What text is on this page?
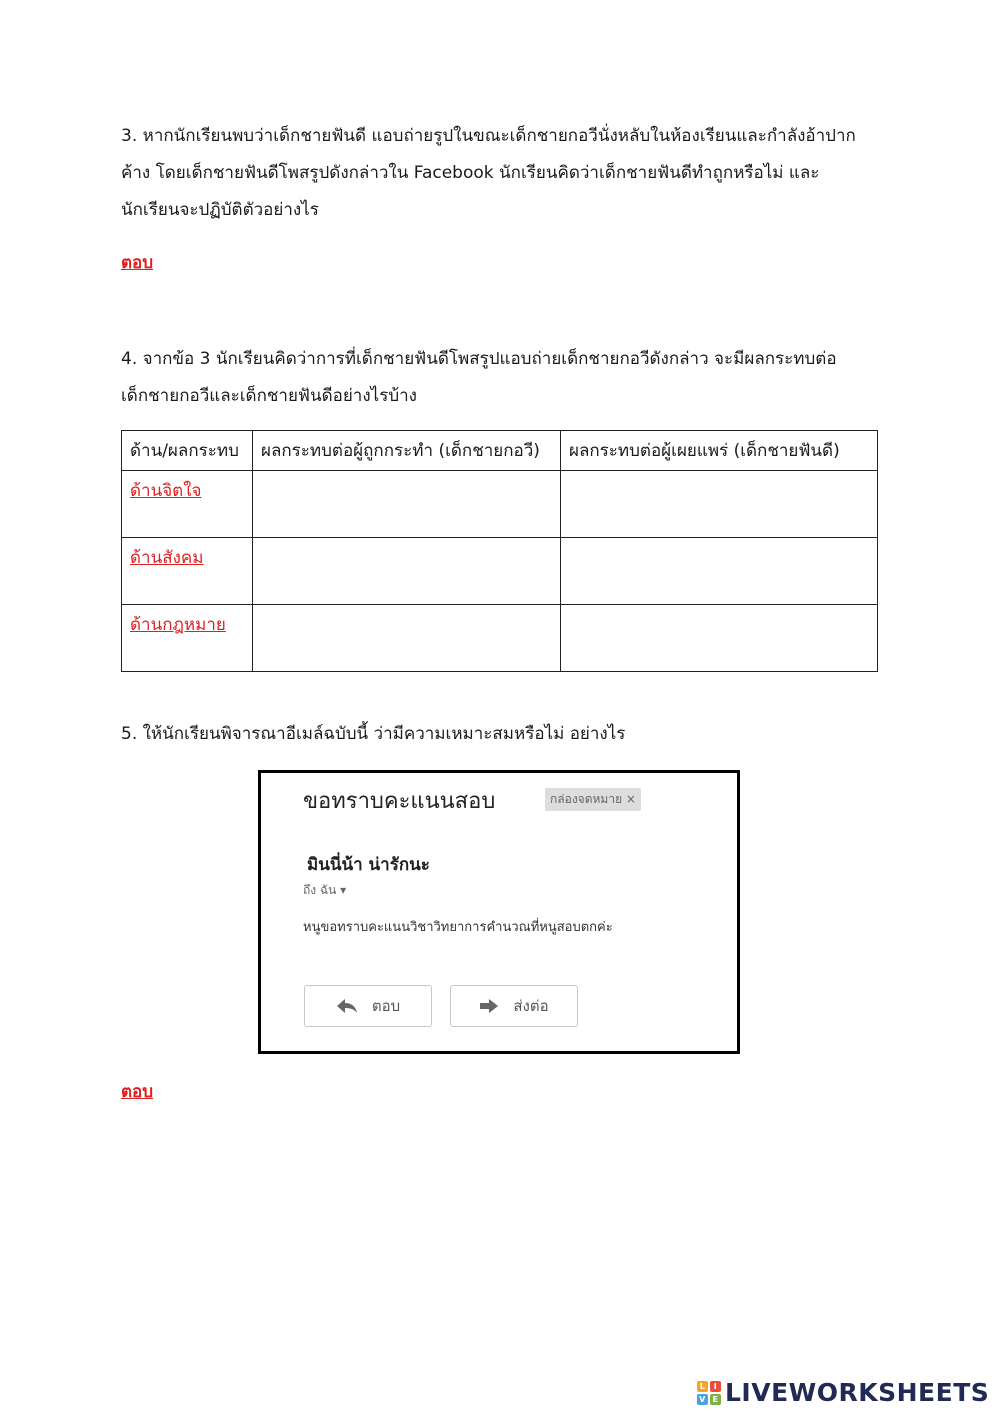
3. หากนักเรียนพบว่าเด็กชายฟันดี แอบถ่ายรูปในขณะเด็กชายกอวีนั่งหลับในห้องเรียนและกำลังอ้าปาก
ค้าง โดยเด็กชายฟันดีโพสรูปดังกล่าวใน Facebook นักเรียนคิดว่าเด็กชายฟันดีทำถูกหรือไม่ และ
นักเรียนจะปฏิบัติตัวอย่างไร
ตอบ
4. จากข้อ 3 นักเรียนคิดว่าการที่เด็กชายฟันดีโพสรูปแอบถ่ายเด็กชายกอวีดังกล่าว จะมีผลกระทบต่อ
เด็กชายกอวีและเด็กชายฟันดีอย่างไรบ้าง
ด้าน/ผลกระทบ	ผลกระทบต่อผู้ถูกกระทำ (เด็กชายกอวี)	ผลกระทบต่อผู้เผยแพร่ (เด็กชายฟันดี)
ด้านจิตใจ		
ด้านสังคม		
ด้านกฎหมาย		
5. ให้นักเรียนพิจารณาอีเมล์ฉบับนี้ ว่ามีความเหมาะสมหรือไม่ อย่างไร
ขอทราบคะแนนสอบ	กล่องจดหมาย ×
มินนี่น้า น่ารักนะ
ถึง ฉัน ▾
หนูขอทราบคะแนนวิชาวิทยาการคำนวณที่หนูสอบตกค่ะ
ตอบ	ส่งต่อ
ตอบ
L	I
V E LIVEWORKSHEETS
